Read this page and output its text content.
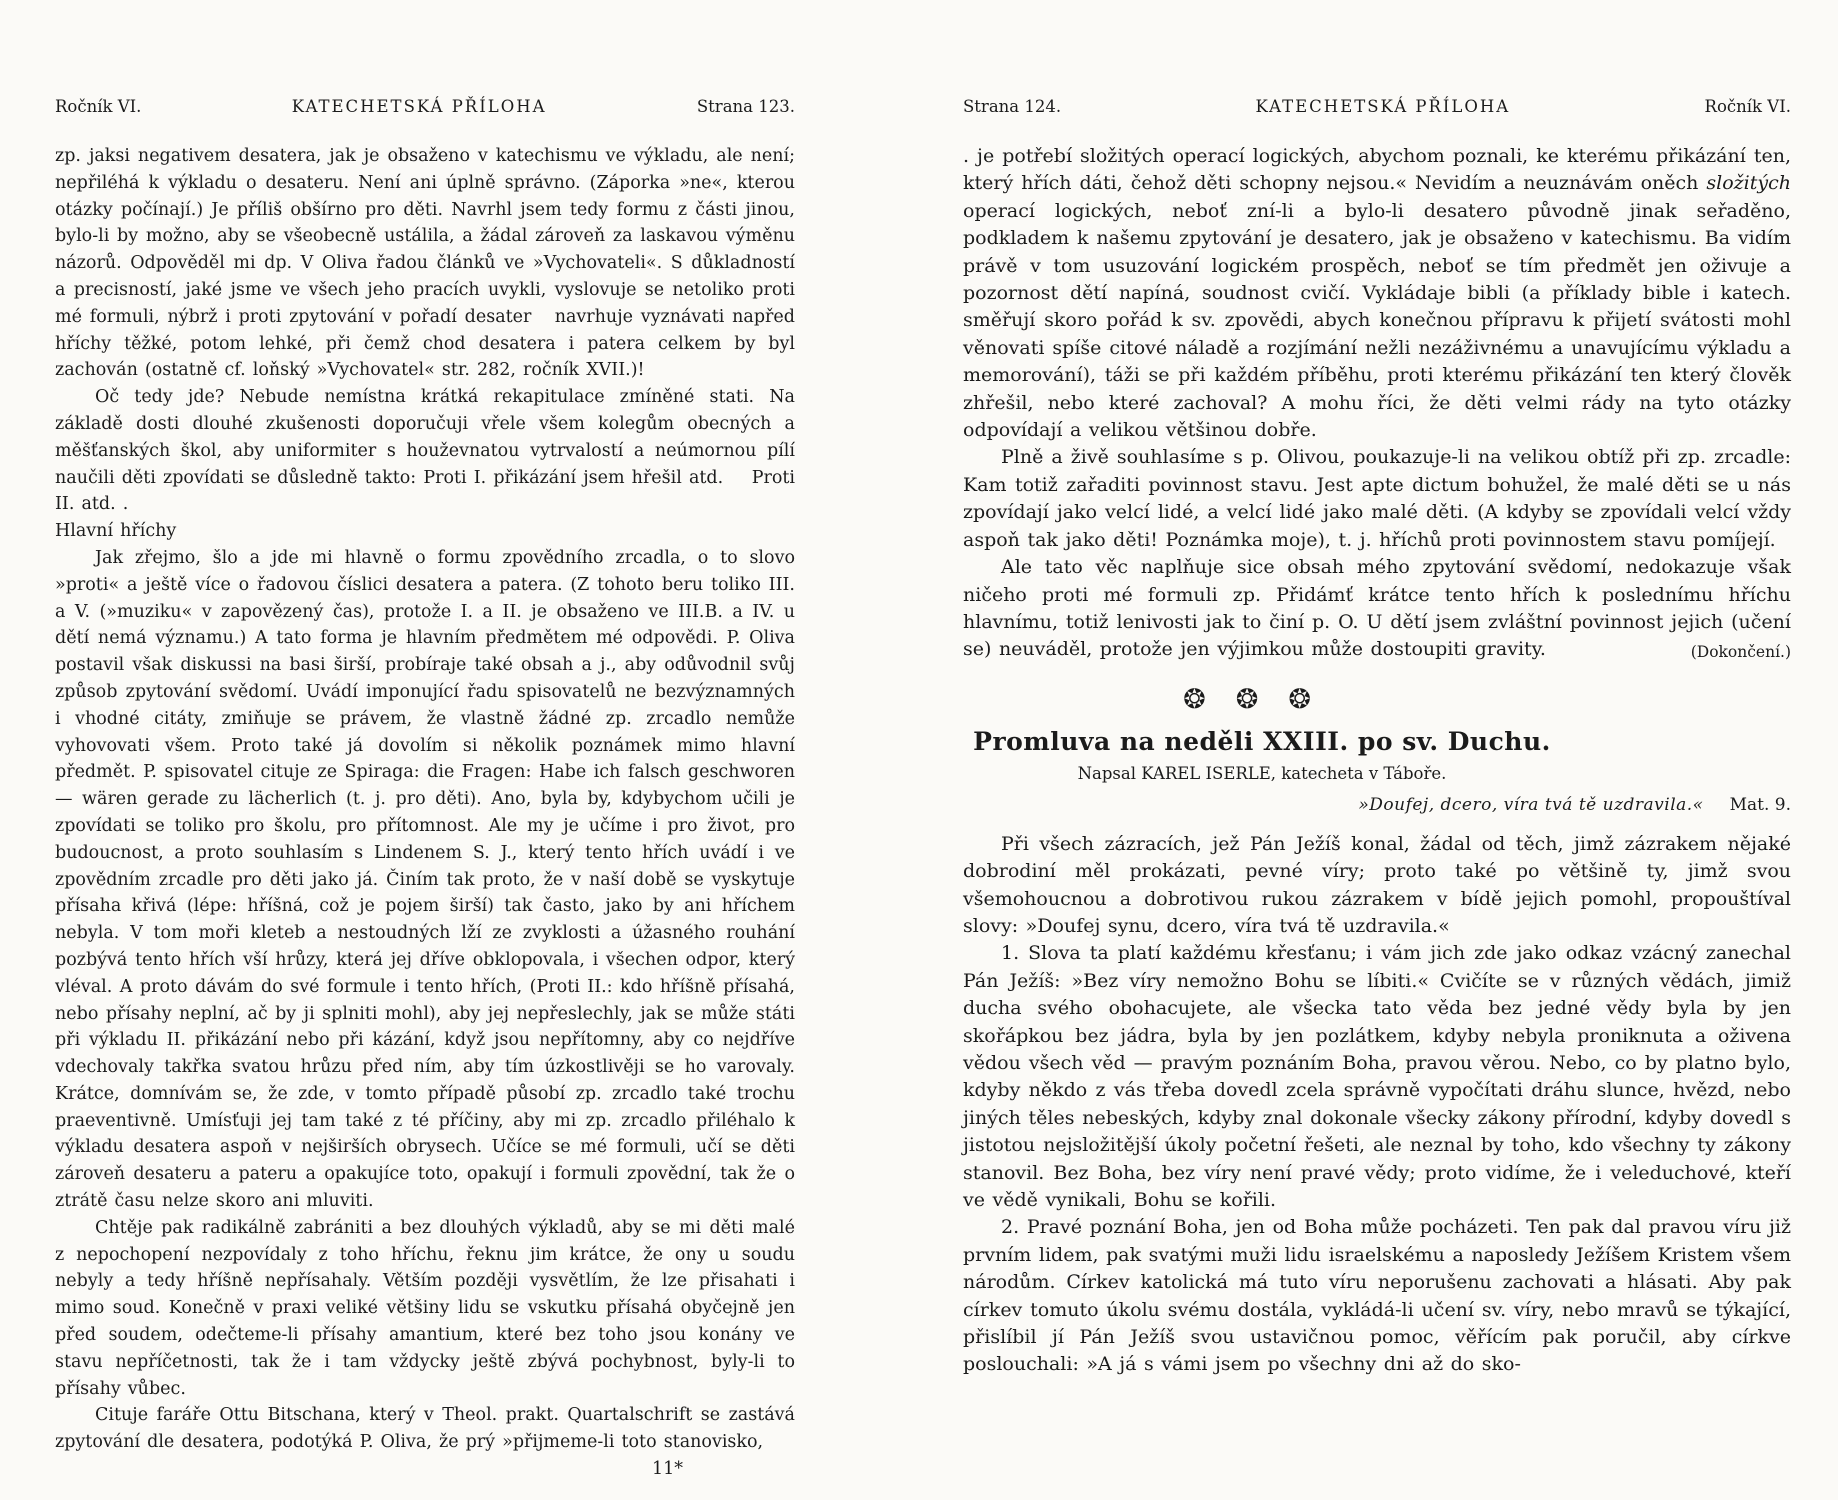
Ročník VI.	KATECHETSKÁ PŘÍLOHA	Strana 123.

zp. jaksi negativem desatera, jak je obsaženo v katechismu ve výkladu, ale není; nepřiléhá k výkladu o desateru. Není ani úplně správno. (Záporka »ne«, kterou otázky počínají.) Je příliš obšírno pro děti. Navrhl jsem tedy formu z části jinou, bylo-li by možno, aby se všeobecně ustálila, a žádal zároveň za laskavou výměnu názorů. Odpověděl mi dp. V Oliva řadou článků ve »Vychovateli«. S důkladností a precisností, jaké jsme ve všech jeho pracích uvykli, vyslovuje se netoliko proti mé formuli, nýbrž i proti zpytování v pořadí desater   navrhuje vyznávati napřed hříchy těžké, potom lehké, při čemž chod desatera i patera celkem by byl zachován (ostatně cf. loňský »Vychovatel« str. 282, ročník XVII.)!

Oč tedy jde? Nebude nemístna krátká rekapitulace zmíněné stati. Na základě dosti dlouhé zkušenosti doporučuji vřele všem kolegům obecných a měšťanských škol, aby uniformiter s houževnatou vytrvalostí a neúmornou pílí naučili děti zpovídati se důsledně takto: Proti I. přikázání jsem hřešil atd.    Proti II. atd. .

Hlavní hříchy

Jak zřejmo, šlo a jde mi hlavně o formu zpovědního zrcadla, o to slovo »proti« a ještě více o řadovou číslici desatera a patera. (Z tohoto beru toliko III. a V. (»muziku« v zapovězený čas), protože I. a II. je obsaženo ve III.B. a IV. u dětí nemá významu.) A tato forma je hlavním předmětem mé odpovědi. P. Oliva postavil však diskussi na basi širší, probíraje také obsah a j., aby odůvodnil svůj způsob zpytování svědomí. Uvádí imponující řadu spisovatelů ne bezvýznamných i vhodné citáty, zmiňuje se právem, že vlastně žádné zp. zrcadlo nemůže vyhovovati všem. Proto také já dovolím si několik poznámek mimo hlavní předmět. P. spisovatel cituje ze Spiraga: die Fragen: Habe ich falsch geschworen — wären gerade zu lächerlich (t. j. pro děti). Ano, byla by, kdybychom učili je zpovídati se toliko pro školu, pro přítomnost. Ale my je učíme i pro život, pro budoucnost, a proto souhlasím s Lindenem S. J., který tento hřích uvádí i ve zpovědním zrcadle pro děti jako já. Činím tak proto, že v naší době se vyskytuje přísaha křivá (lépe: hříšná, což je pojem širší) tak často, jako by ani hříchem nebyla. V tom moři kleteb a nestoudných lží ze zvyklosti a úžasného rouhání pozbývá tento hřích vší hrůzy, která jej dříve obklopovala, i všechen odpor, který vléval. A proto dávám do své formule i tento hřích, (Proti II.: kdo hříšně přísahá, nebo přísahy neplní, ač by ji splniti mohl), aby jej nepřeslechly, jak se může státi při výkladu II. přikázání nebo při kázání, když jsou nepřítomny, aby co nejdříve vdechovaly takřka svatou hrůzu před ním, aby tím úzkostlivěji se ho varovaly. Krátce, domnívám se, že zde, v tomto případě působí zp. zrcadlo také trochu praeventivně. Umísťuji jej tam také z té příčiny, aby mi zp. zrcadlo přiléhalo k výkladu desatera aspoň v nejširších obrysech. Učíce se mé formuli, učí se děti zároveň desateru a pateru a opakujíce toto, opakují i formuli zpovědní, tak že o ztrátě času nelze skoro ani mluviti.

Chtěje pak radikálně zabrániti a bez dlouhých výkladů, aby se mi děti malé z nepochopení nezpovídaly z toho hříchu, řeknu jim krátce, že ony u soudu nebyly a tedy hříšně nepřísahaly. Větším později vysvětlím, že lze přisahati i mimo soud. Konečně v praxi veliké většiny lidu se vskutku přísahá obyčejně jen před soudem, odečteme-li přísahy amantium, které bez toho jsou konány ve stavu nepříčetnosti, tak že i tam vždycky ještě zbývá pochybnost, byly-li to přísahy vůbec.

Cituje faráře Ottu Bitschana, který v Theol. prakt. Quartalschrift se zastává zpytování dle desatera, podotýká P. Oliva, že prý »přijmeme-li toto stanovisko,

11*

Strana 124.	KATECHETSKÁ PŘÍLOHA	Ročník VI.

. je potřebí složitých operací logických, abychom poznali, ke kterému přikázání ten, který hřích dáti, čehož děti schopny nejsou.« Nevidím a neuznávám oněch složitých operací logických, neboť zní-li a bylo-li desatero původně jinak seřaděno, podkladem k našemu zpytování je desatero, jak je obsaženo v katechismu. Ba vidím právě v tom usuzování logickém prospěch, neboť se tím předmět jen oživuje a pozornost dětí napíná, soudnost cvičí. Vykládaje bibli (a příklady bible i katech. směřují skoro pořád k sv. zpovědi, abych konečnou přípravu k přijetí svátosti mohl věnovati spíše citové náladě a rozjímání nežli nezáživnému a unavujícímu výkladu a memorování), táži se při každém příběhu, proti kterému přikázání ten který člověk zhřešil, nebo které zachoval? A mohu říci, že děti velmi rády na tyto otázky odpovídají a velikou většinou dobře.

Plně a živě souhlasíme s p. Olivou, poukazuje-li na velikou obtíž při zp. zrcadle: Kam totiž zařaditi povinnost stavu. Jest apte dictum bohužel, že malé děti se u nás zpovídají jako velcí lidé, a velcí lidé jako malé děti. (A kdyby se zpovídali velcí vždy aspoň tak jako děti! Poznámka moje), t. j. hříchů proti povinnostem stavu pomíjejí.

Ale tato věc naplňuje sice obsah mého zpytování svědomí, nedokazuje však ničeho proti mé formuli zp. Přidámť krátce tento hřích k poslednímu hříchu hlavnímu, totiž lenivosti jak to činí p. O. U dětí jsem zvláštní povinnost jejich (učení se) neuváděl, protože jen výjimkou může dostoupiti gravity.	(Dokončení.)

❂❂❂
Promluva na neděli XXIII. po sv. Duchu.
Napsal KAREL ISERLE, katecheta v Táboře.
»Doufej, dcero, víra tvá tě uzdravila.« Mat. 9.

Při všech zázracích, jež Pán Ježíš konal, žádal od těch, jimž zázrakem nějaké dobrodiní měl prokázati, pevné víry; proto také po většině ty, jimž svou všemohoucnou a dobrotivou rukou zázrakem v bídě jejich pomohl, propouštíval slovy: »Doufej synu, dcero, víra tvá tě uzdravila.«

1. Slova ta platí každému křesťanu; i vám jich zde jako odkaz vzácný zanechal Pán Ježíš: »Bez víry nemožno Bohu se líbiti.« Cvičíte se v různých vědách, jimiž ducha svého obohacujete, ale všecka tato věda bez jedné vědy byla by jen skořápkou bez jádra, byla by jen pozlátkem, kdyby nebyla proniknuta a oživena vědou všech věd — pravým poznáním Boha, pravou věrou. Nebo, co by platno bylo, kdyby někdo z vás třeba dovedl zcela správně vypočítati dráhu slunce, hvězd, nebo jiných těles nebeských, kdyby znal dokonale všecky zákony přírodní, kdyby dovedl s jistotou nejsložitější úkoly početní řešeti, ale neznal by toho, kdo všechny ty zákony stanovil. Bez Boha, bez víry není pravé vědy; proto vidíme, že i veleduchové, kteří ve vědě vynikali, Bohu se kořili.

2. Pravé poznání Boha, jen od Boha může pocházeti. Ten pak dal pravou víru již prvním lidem, pak svatými muži lidu israelskému a naposledy Ježíšem Kristem všem národům. Církev katolická má tuto víru neporušenu zachovati a hlásati. Aby pak církev tomuto úkolu svému dostála, vykládá-li učení sv. víry, nebo mravů se týkající, přislíbil jí Pán Ježíš svou ustavičnou pomoc, věřícím pak poručil, aby církve poslouchali: »A já s vámi jsem po všechny dni až do sko-
